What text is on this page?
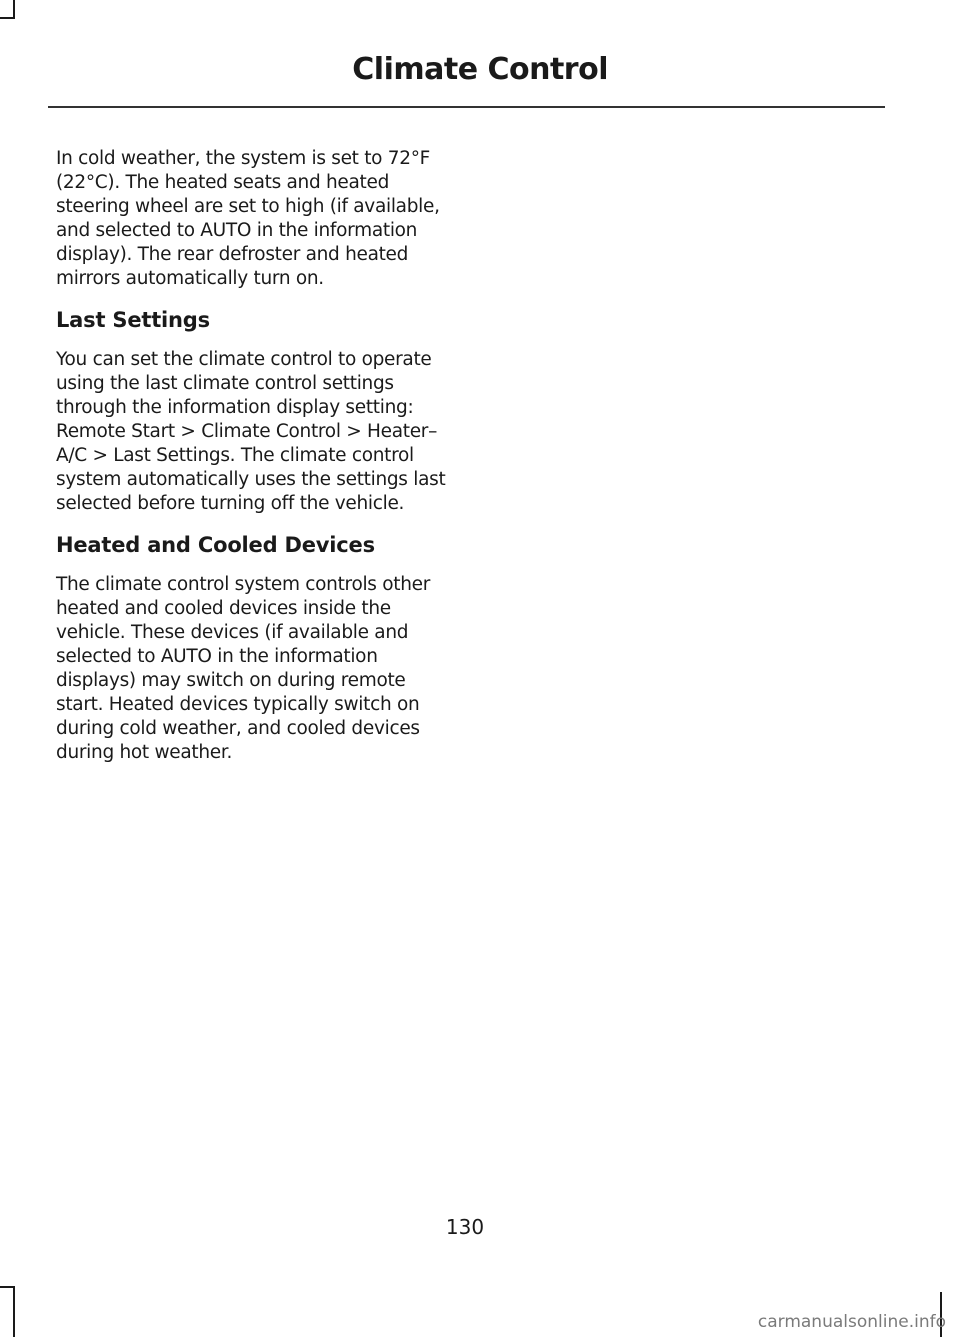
Climate Control

In cold weather, the system is set to 72°F (22°C). The heated seats and heated steering wheel are set to high (if available, and selected to AUTO in the information display). The rear defroster and heated mirrors automatically turn on.

Last Settings

You can set the climate control to operate using the last climate control settings through the information display setting: Remote Start > Climate Control > Heater–A/C > Last Settings. The climate control system automatically uses the settings last selected before turning off the vehicle.

Heated and Cooled Devices

The climate control system controls other heated and cooled devices inside the vehicle. These devices (if available and selected to AUTO in the information displays) may switch on during remote start. Heated devices typically switch on during cold weather, and cooled devices during hot weather.

130
carmanualsonline.info
